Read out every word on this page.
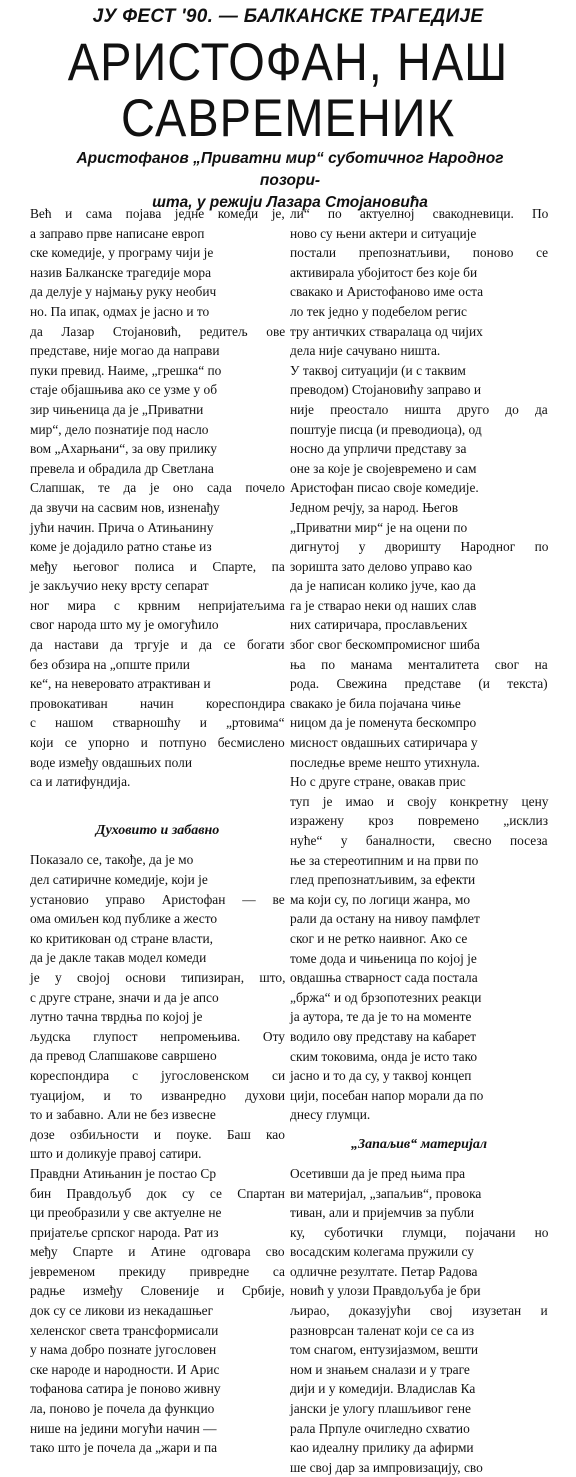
ЈУ ФЕСТ '90. — БАЛКАНСКЕ ТРАГЕДИЈЕ
АРИСТОФАН, НАШ
САВРЕМЕНИК
Аристофанов „Приватни мир“ суботичног Народног позори-
шта, у режији Лазара Стојановића

Већ и сама појава једне комеди је,

а заправо прве написане европ

ске комедије, у програму чији је

назив Балканске трагедије мора

да делује у најмању руку необич

но. Па ипак, одмах је јасно и то

да Лазар Стојановић, редитељ ове

представе, није могао да направи

пуки превид. Наиме, „грешка“ по

стаје објашњива ако се узме у об

зир чињеница да је „Приватни

мир“, дело познатије под насло

вом „Ахарњани“, за ову прилику

превела и обрадила др Светлана

Слапшак, те да је оно сада почело

да звучи на сасвим нов, изненађу

јући начин. Прича о Атињанину

коме је дојадило ратно стање из

међу његовог полиса и Спарте, па

је закључио неку врсту сепарат

ног мира с крвним непријатељима

свог народа што му је омогућило

да настави да тргује и да се богати

без обзира на „опште прили

ке“, на неверовато атрактиван и

провокативан начин кореспондира

с нашом стварношћу и „ртовима“

који се упорно и потпуно бесмислено

воде између овдашњих поли

са и латифундија.

Духовито и забавно

Показало се, такође, да је мо

дел сатиричне комедије, који је

установио управо Аристофан — ве

ома омиљен код публике а жесто

ко критикован од стране власти,

да је дакле такав модел комеди

је у својој основи типизиран, што,

с друге стране, значи и да је апсо

лутно тачна тврдња по којој је

људска глупост непромењива. Оту

да превод Слапшакове савршено

кореспондира с југословенском си

туацијом, и то изванредно духови

то и забавно. Али не без извесне

дозе озбиљности и поуке. Баш као

што и доликује правој сатири.

Правдни Атињанин је постао Ср

бин Правдољуб док су се Спартан

ци преобразили у све актуелне не

пријатеље српског народа. Рат из

међу Спарте и Атине одговара сво

јевременом прекиду привредне са

радње између Словеније и Србије,

док су се ликови из некадашњег

хеленског света трансформисали

у нама добро познате југословен

ске народе и народности. И Арис

тофанова сатира је поново живну

ла, поново је почела да функцио

нише на једини могући начин —

тако што је почела да „жари и па

ли“ по актуелној свакодневици. По

ново су њени актери и ситуације

постали препознатљиви, поново се

активирала убојитост без које би

свакако и Аристофаново име оста

ло тек једно у подебелом регис

тру античких стваралаца од чијих

дела није сачувано ништа.

У таквој ситуацији (и с таквим

преводом) Стојановићу заправо и

није преостало ништа друго до да

поштује писца (и преводиоца), од

носно да упрличи представу за

оне за које је својевремено и сам

Аристофан писао своје комедије.

Једном речју, за народ. Његов

„Приватни мир“ је на оцени по

дигнутој у дворишту Народног по

зоришта зато делово управо као

да је написан колико јуче, као да

га је стварао неки од наших слав

них сатиричара, прослављених

због свог бескомпромисног шиба

ња по манама менталитета свог на

рода. Свежина представе (и текста)

свакако је била појачана чиње

ницом да је поменута бескомпро

мисност овдашњих сатиричара у

последње време нешто утихнула.

Но с друге стране, овакав прис

туп је имао и своју конкретну цену

изражену кроз повремено „исклиз

нуће“ у баналности, свесно посеза

ње за стереотипним и на први по

глед препознатљивим, за ефекти

ма који су, по логици жанра, мо

рали да остану на нивоу памфлет

ског и не ретко наивног. Ако се

томе дода и чињеница по којој је

овдашња стварност сада постала

„бржа“ и од брзопотезних реакци

ја аутора, те да је то на моменте

водило ову представу на кабарет

ским токовима, онда је исто тако

јасно и то да су, у таквој концеп

цији, посебан напор морали да по

днесу глумци.

„Запаљив“ материјал

Осетивши да је пред њима пра

ви материјал, „запаљив“, провока

тиван, али и пријемчив за публи

ку, суботички глумци, појачани но

восадским колегама пружили су

одличне резултате. Петар Радова

новић у улози Правдољуба је бри

љирао, доказујући свој изузетан и

разноврсан таленат који се са из

том снагом, ентузијазмом, вешти

ном и знањем сналази и у траге

дији и у комедији. Владислав Ка

јански је улогу плашљивог гене

рала Прпуле очигледно схватио

као идеалну прилику да афирми

ше свој дар за импровизацију, сво
